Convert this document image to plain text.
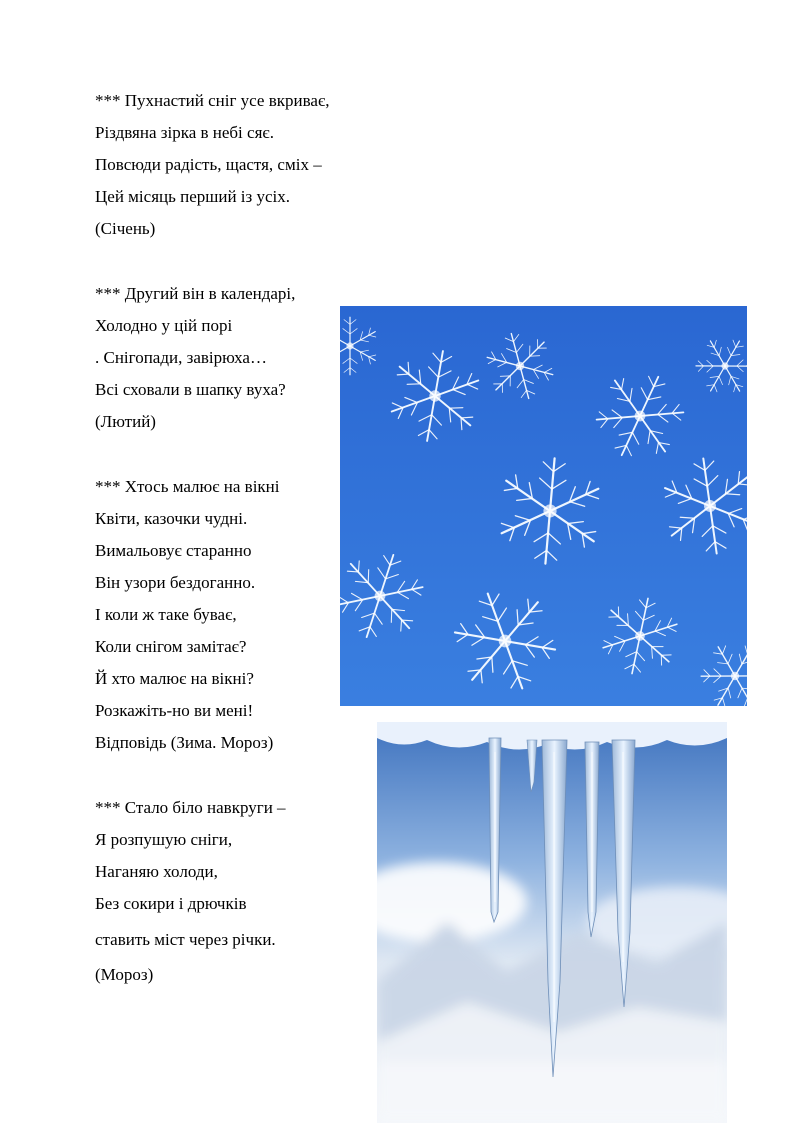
*** Пухнастий сніг усе вкриває,
Різдвяна зірка в небі сяє.
Повсюди радість, щастя, сміх –
Цей місяць перший із усіх.
(Січень)
*** Другий він в календарі,
Холодно у цій порі
. Снігопади, завірюха…
Всі сховали в шапку вуха?
(Лютий)
*** Хтось малює на вікні
Квіти, казочки чудні.
Вимальовує старанно
Він узори бездоганно.
І коли ж таке буває,
Коли снігом замітає?
Й хто малює на вікні?
Розкажіть-но ви мені!
Відповідь (Зима. Мороз)
*** Стало біло навкруги –
Я розпушую сніги,
Наганяю холоди,
Без сокири і дрючків
ставить міст через річки.
(Мороз)
